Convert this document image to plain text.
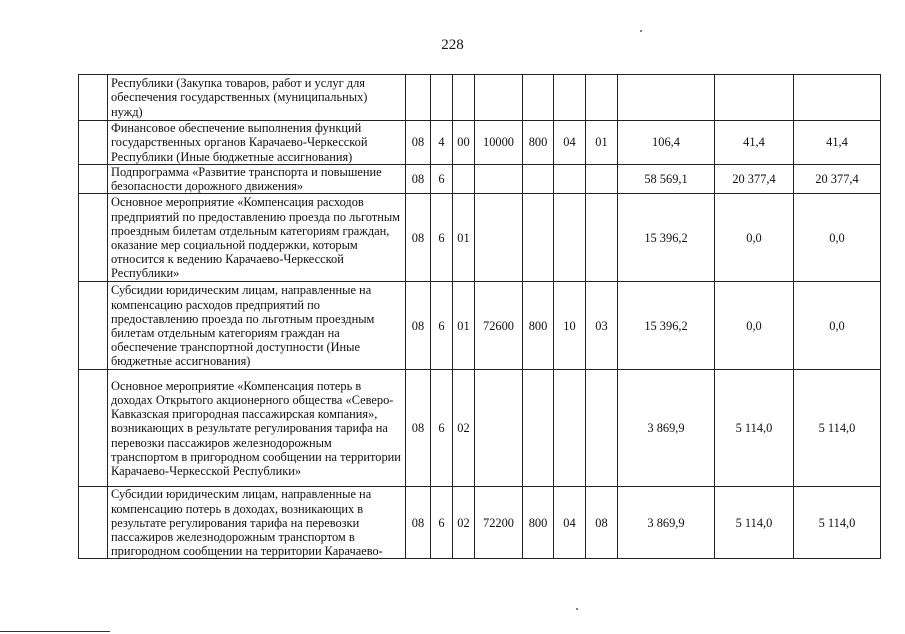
228
	Республики (Закупка товаров, работ и услуг для обеспечения государственных (муниципальных) нужд)										
	Финансовое обеспечение выполнения функций государственных органов Карачаево-Черкесской Республики (Иные бюджетные ассигнования)	08	4	00	10000	800	04	01	106,4	41,4	41,4
	Подпрограмма «Развитие транспорта и повышение безопасности дорожного движения»	08	6						58 569,1	20 377,4	20 377,4
	Основное мероприятие «Компенсация расходов предприятий по предоставлению проезда по льготным проездным билетам отдельным категориям граждан, оказание мер социальной поддержки, которым относится к ведению Карачаево-Черкесской Республики»	08	6	01					15 396,2	0,0	0,0
	Субсидии юридическим лицам, направленные на компенсацию расходов предприятий по предоставлению проезда по льготным проездным билетам отдельным категориям граждан на обеспечение транспортной доступности (Иные бюджетные ассигнования)	08	6	01	72600	800	10	03	15 396,2	0,0	0,0
	Основное мероприятие «Компенсация потерь в доходах Открытого акционерного общества «Северо-Кавказская пригородная пассажирская компания», возникающих в результате регулирования тарифа на перевозки пассажиров железнодорожным транспортом в пригородном сообщении на территории Карачаево-Черкесской Республики»	08	6	02					3 869,9	5 114,0	5 114,0
	Субсидии юридическим лицам, направленные на компенсацию потерь в доходах, возникающих в результате регулирования тарифа на перевозки пассажиров железнодорожным транспортом в пригородном сообщении на территории Карачаево-	08	6	02	72200	800	04	08	3 869,9	5 114,0	5 114,0
